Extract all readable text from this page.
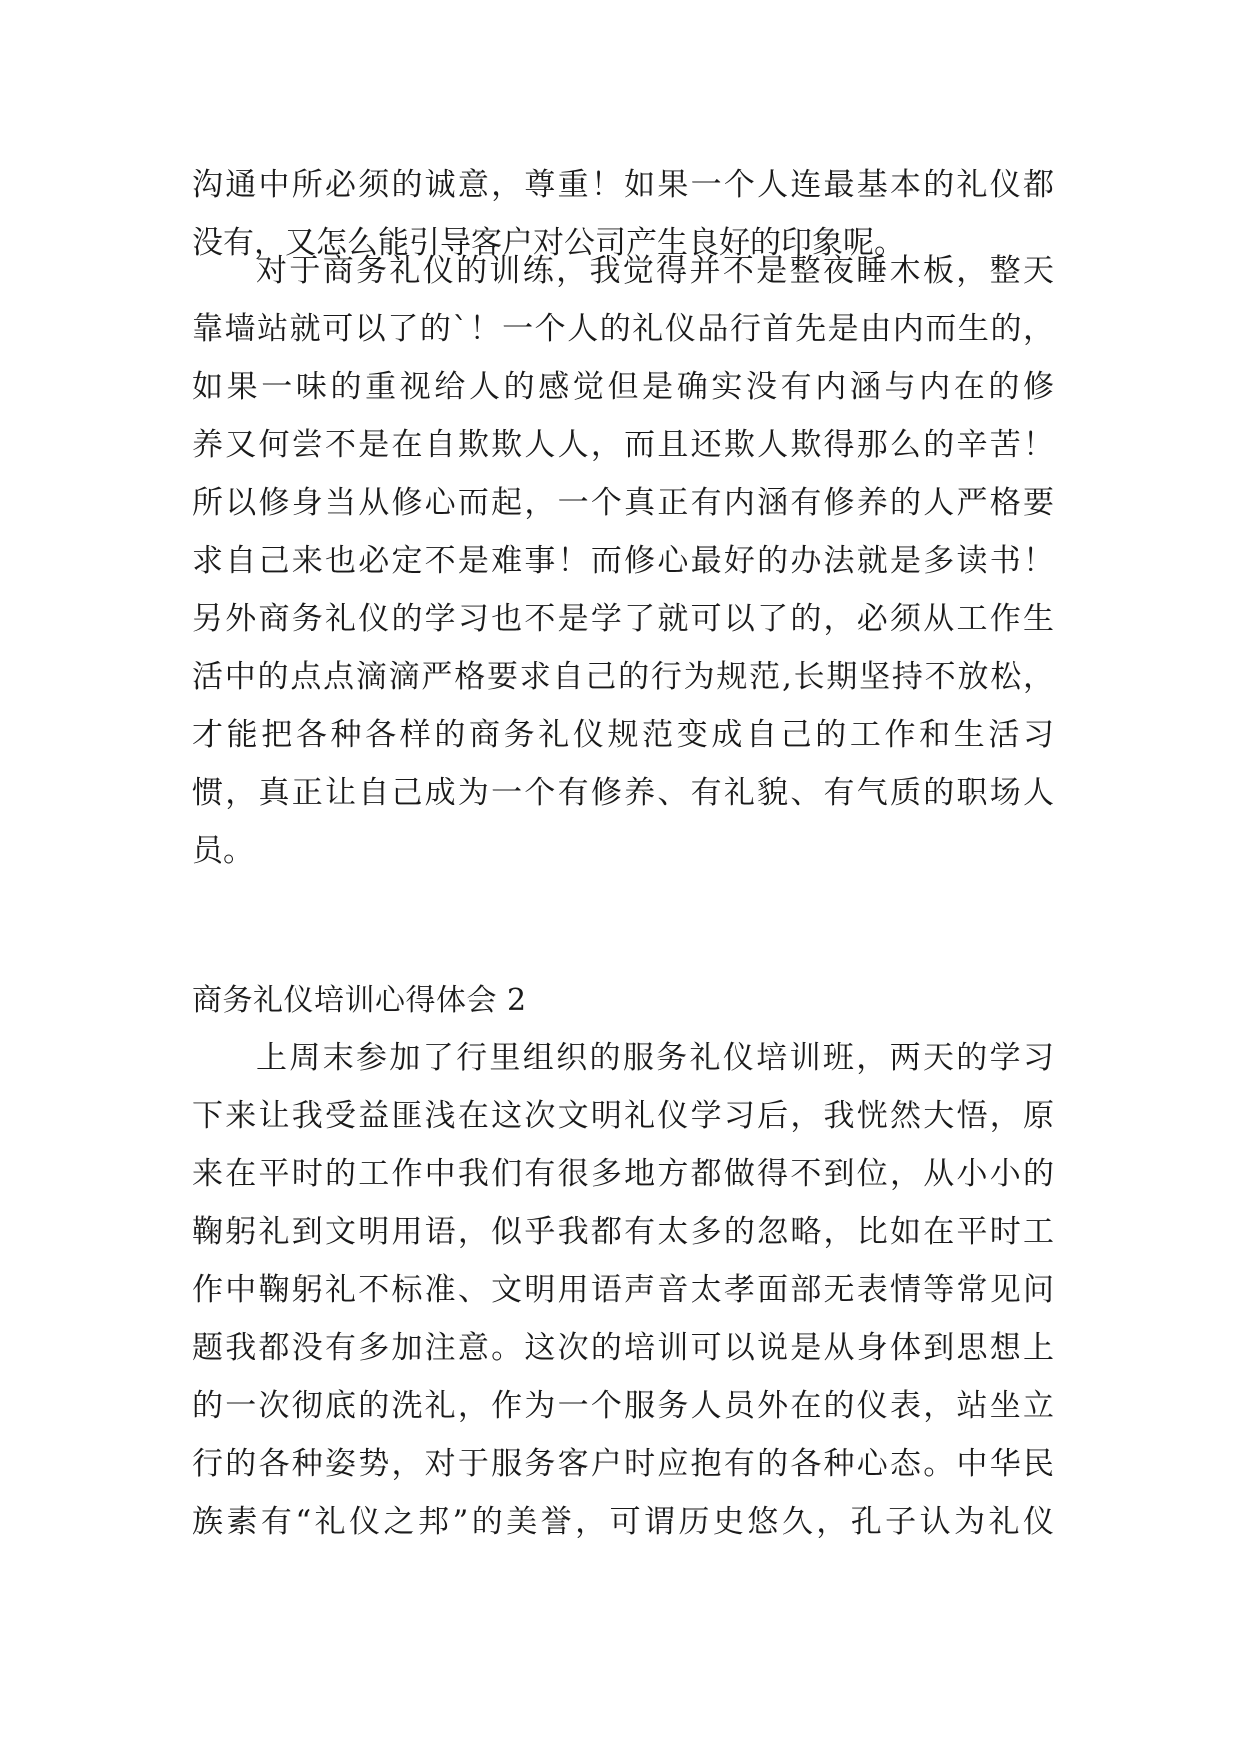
沟通中所必须的诚意，尊重！如果一个人连最基本的礼仪都
没有，又怎么能引导客户对公司产生良好的印象呢。
对于商务礼仪的训练，我觉得并不是整夜睡木板，整天
靠墙站就可以了的`！一个人的礼仪品行首先是由内而生的，
如果一味的重视给人的感觉但是确实没有内涵与内在的修
养又何尝不是在自欺欺人人，而且还欺人欺得那么的辛苦！
所以修身当从修心而起，一个真正有内涵有修养的人严格要
求自己来也必定不是难事！而修心最好的办法就是多读书！
另外商务礼仪的学习也不是学了就可以了的，必须从工作生
活中的点点滴滴严格要求自己的行为规范,长期坚持不放松，
才能把各种各样的商务礼仪规范变成自己的工作和生活习
惯，真正让自己成为一个有修养、有礼貌、有气质的职场人
员。
商务礼仪培训心得体会 2
上周末参加了行里组织的服务礼仪培训班，两天的学习
下来让我受益匪浅在这次文明礼仪学习后，我恍然大悟，原
来在平时的工作中我们有很多地方都做得不到位，从小小的
鞠躬礼到文明用语，似乎我都有太多的忽略，比如在平时工
作中鞠躬礼不标准、文明用语声音太孝面部无表情等常见问
题我都没有多加注意。这次的培训可以说是从身体到思想上
的一次彻底的洗礼，作为一个服务人员外在的仪表，站坐立
行的各种姿势，对于服务客户时应抱有的各种心态。中华民
族素有“礼仪之邦”的美誉，可谓历史悠久，孔子认为礼仪
